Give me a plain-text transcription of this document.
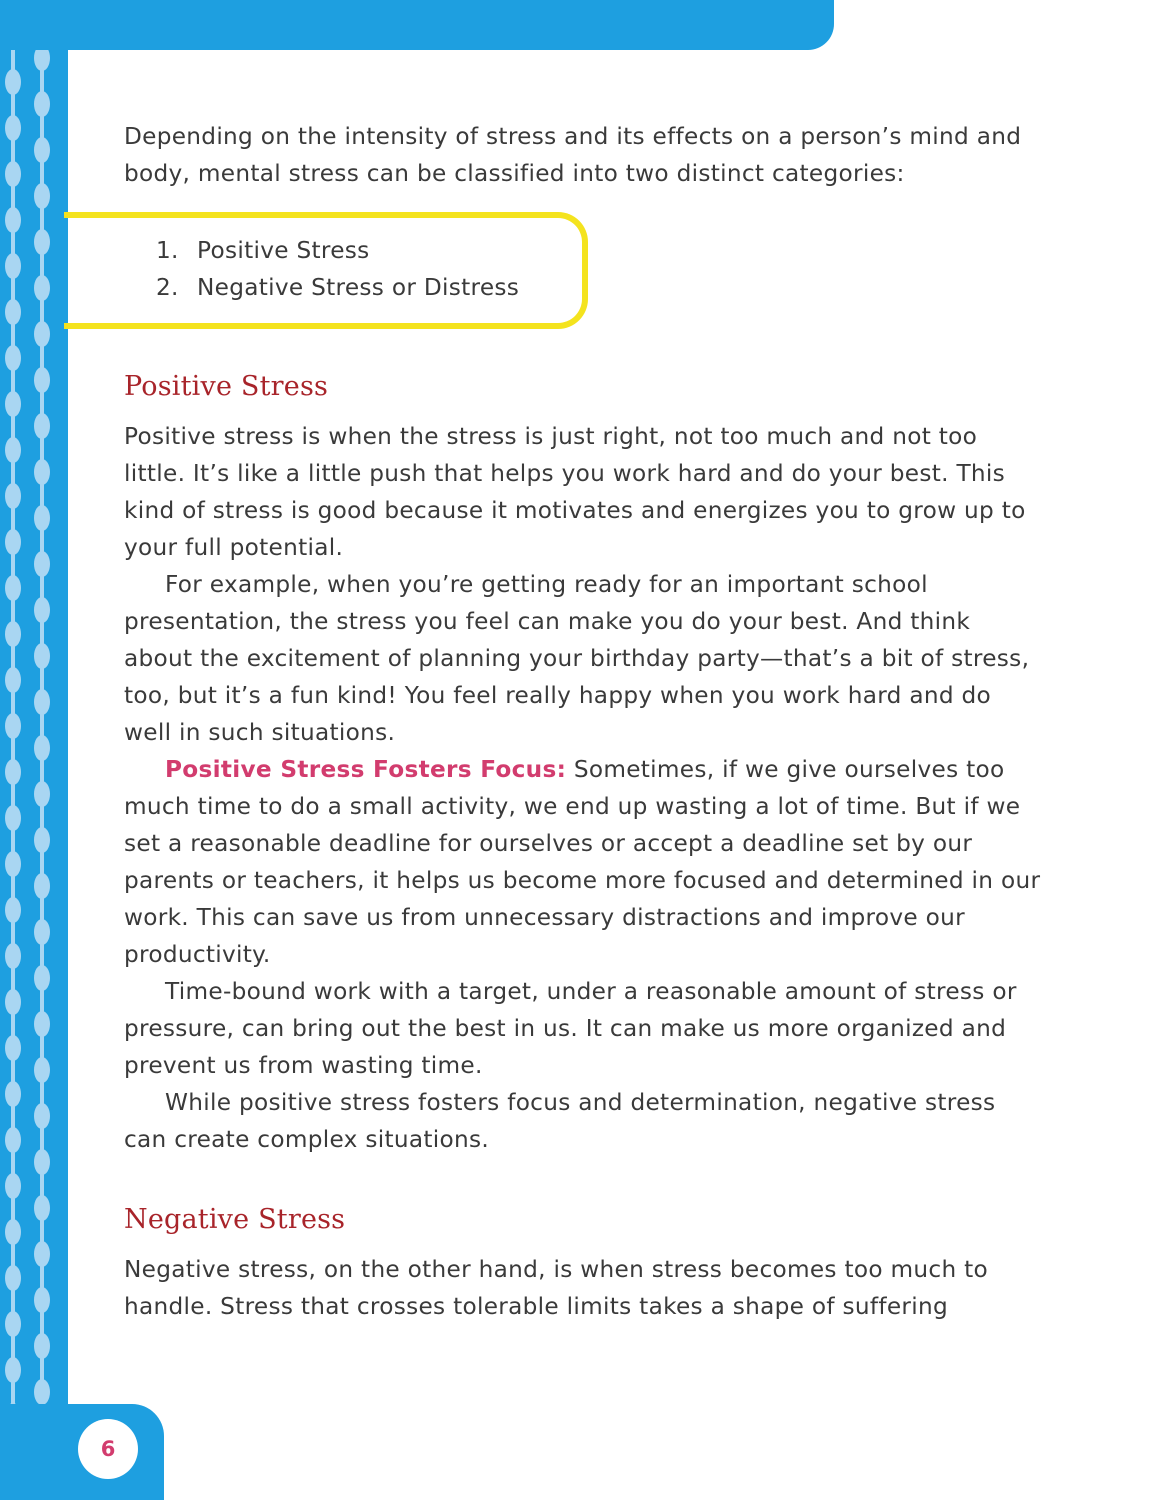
Depending on the intensity of stress and its effects on a person’s mind and body, mental stress can be classified into two distinct categories:

1. Positive Stress
2. Negative Stress or Distress
Positive Stress

Positive stress is when the stress is just right, not too much and not too little. It’s like a little push that helps you work hard and do your best. This kind of stress is good because it motivates and energizes you to grow up to your full potential.

For example, when you’re getting ready for an important school presentation, the stress you feel can make you do your best. And think about the excitement of planning your birthday party—that’s a bit of stress, too, but it’s a fun kind! You feel really happy when you work hard and do well in such situations.

Positive Stress Fosters Focus: Sometimes, if we give ourselves too much time to do a small activity, we end up wasting a lot of time. But if we set a reasonable deadline for ourselves or accept a deadline set by our parents or teachers, it helps us become more focused and determined in our work. This can save us from unnecessary distractions and improve our productivity.

Time-bound work with a target, under a reasonable amount of stress or pressure, can bring out the best in us. It can make us more organized and prevent us from wasting time.

While positive stress fosters focus and determination, negative stress can create complex situations.

Negative Stress

Negative stress, on the other hand, is when stress becomes too much to handle. Stress that crosses tolerable limits takes a shape of suffering

6
